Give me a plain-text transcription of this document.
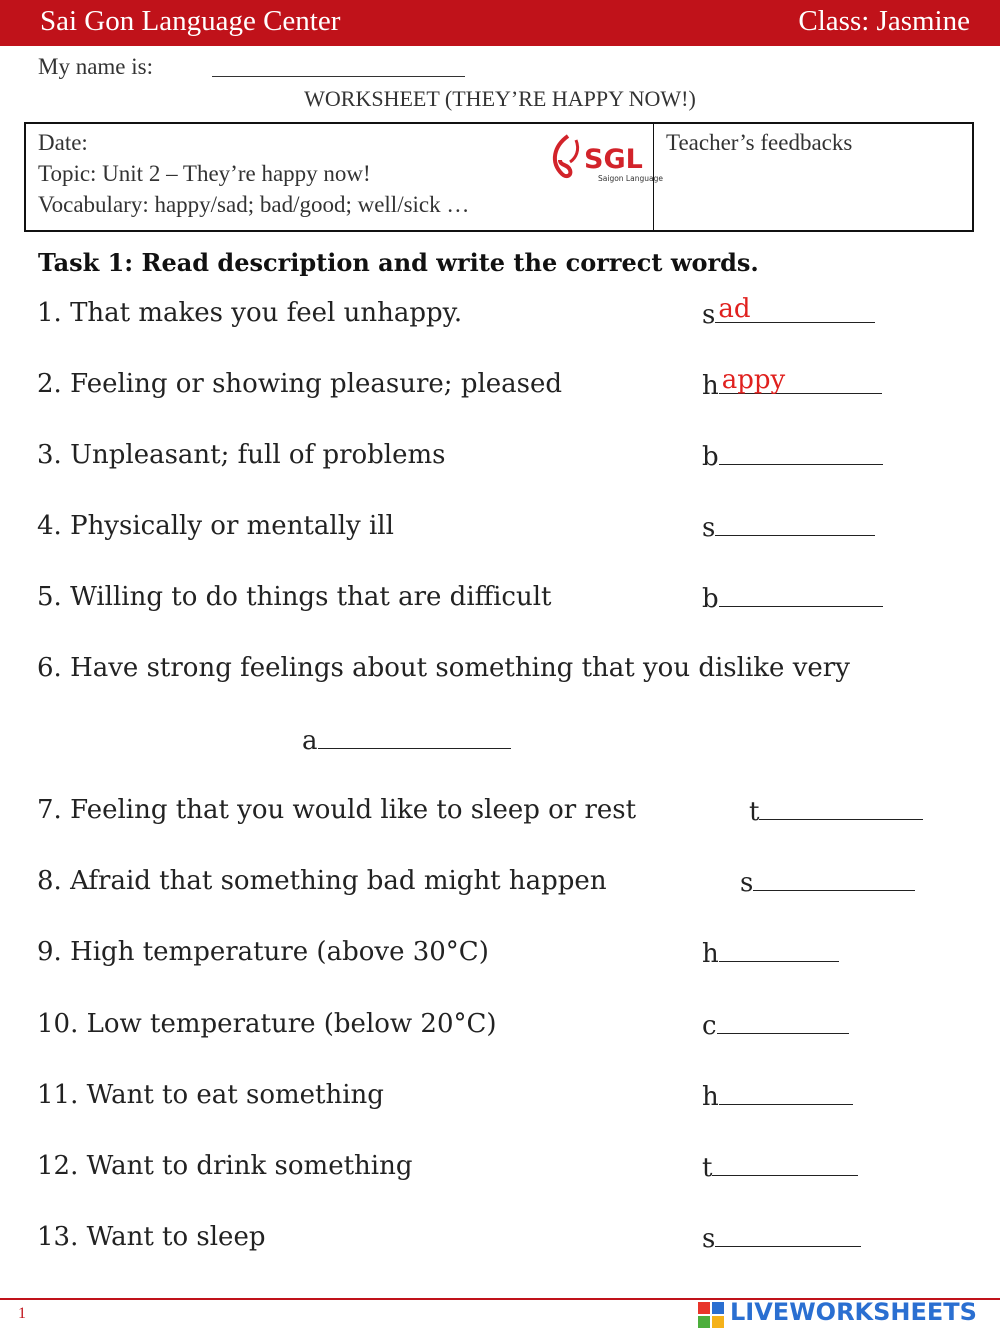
Sai Gon Language Center	Class: Jasmine
My name is:
WORKSHEET (THEY’RE HAPPY NOW!)
Date:
Topic: Unit 2 – They’re happy now!
Vocabulary: happy/sad; bad/good; well/sick …
SGL
Saigon Language
Teacher’s feedbacks
Task 1: Read description and write the correct words.
1. That makes you feel unhappy.	s ad
2. Feeling or showing pleasure; pleased	h appy
3. Unpleasant; full of problems	b
4. Physically or mentally ill	s
5. Willing to do things that are difficult	b
6. Have strong feelings about something that you dislike very
a
7. Feeling that you would like to sleep or rest	t
8. Afraid that something bad might happen	s
9. High temperature (above 30°C)	h
10. Low temperature (below 20°C)	c
11. Want to eat something	h
12. Want to drink something	t
13. Want to sleep	s
1	LIVEWORKSHEETS
